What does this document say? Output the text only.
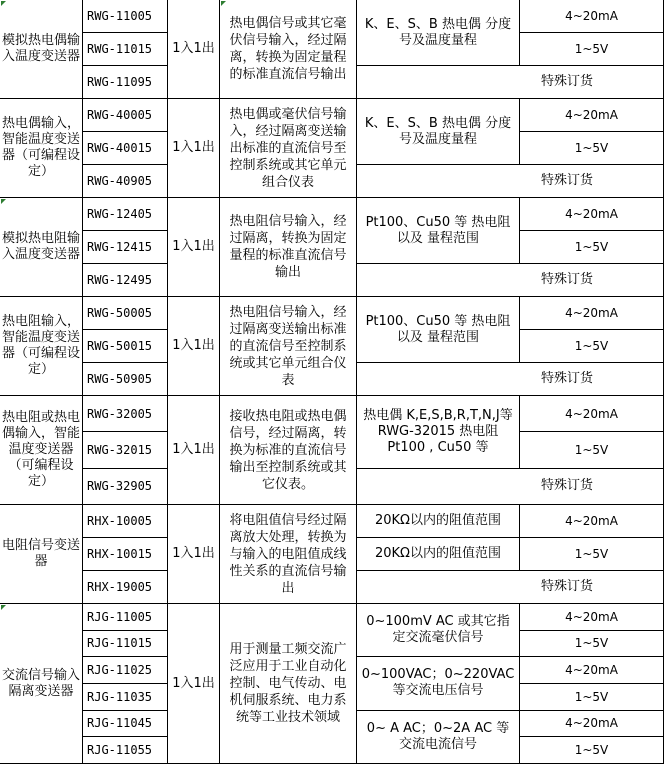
模拟热电偶输入温度变送器
RWG-11005
RWG-11015
RWG-11095
1入1出
热电偶信号或其它毫伏信号输入，经过隔离，转换为固定量程的标准直流信号输出
K、E、S、B 热电偶 分度号及温度量程
4~20mA
1~5V
特殊订货
热电偶输入，智能温度变送器（可编程设定）
RWG-40005
RWG-40015
RWG-40905
1入1出
热电偶或毫伏信号输入，经过隔离变送输出标准的直流信号至控制系统或其它单元组合仪表
K、E、S、B 热电偶 分度号及温度量程
4~20mA
1~5V
特殊订货
模拟热电阻输入温度变送器
RWG-12405
RWG-12415
RWG-12495
1入1出
热电阻信号输入，经过隔离，转换为固定量程的标准直流信号输出
Pt100、Cu50 等 热电阻以及 量程范围
4~20mA
1~5V
特殊订货
热电阻输入，智能温度变送器（可编程设定）
RWG-50005
RWG-50015
RWG-50905
1入1出
热电阻信号输入，经过隔离变送输出标准的直流信号至控制系统或其它单元组合仪表
Pt100、Cu50 等 热电阻以及 量程范围
4~20mA
1~5V
特殊订货
热电阻或热电偶输入，智能温度变送器（可编程设定）
RWG-32005
RWG-32015
RWG-32905
1入1出
接收热电阻或热电偶信号，经过隔离，转换为标准的直流信号输出至控制系统或其它仪表。
热电偶 K,E,S,B,R,T,N,J等 RWG-32015 热电阻 Pt100 , Cu50 等
4~20mA
1~5V
特殊订货
电阻信号变送器
RHX-10005
RHX-10015
RHX-19005
1入1出
将电阻值信号经过隔离放大处理，转换为与输入的电阻值成线性关系的直流信号输出
20KΩ以内的阻值范围
20KΩ以内的阻值范围
4~20mA
1~5V
特殊订货
交流信号输入隔离变送器
RJG-11005
RJG-11015
RJG-11025
RJG-11035
RJG-11045
RJG-11055
1入1出
用于测量工频交流广泛应用于工业自动化控制、电气传动、电机伺服系统、电力系统等工业技术领域
0~100mV AC 或其它指定交流毫伏信号
0~100VAC；0~220VAC 等交流电压信号
0~ A AC；0~2A AC 等交流电流信号
4~20mA
1~5V
4~20mA
1~5V
4~20mA
1~5V
